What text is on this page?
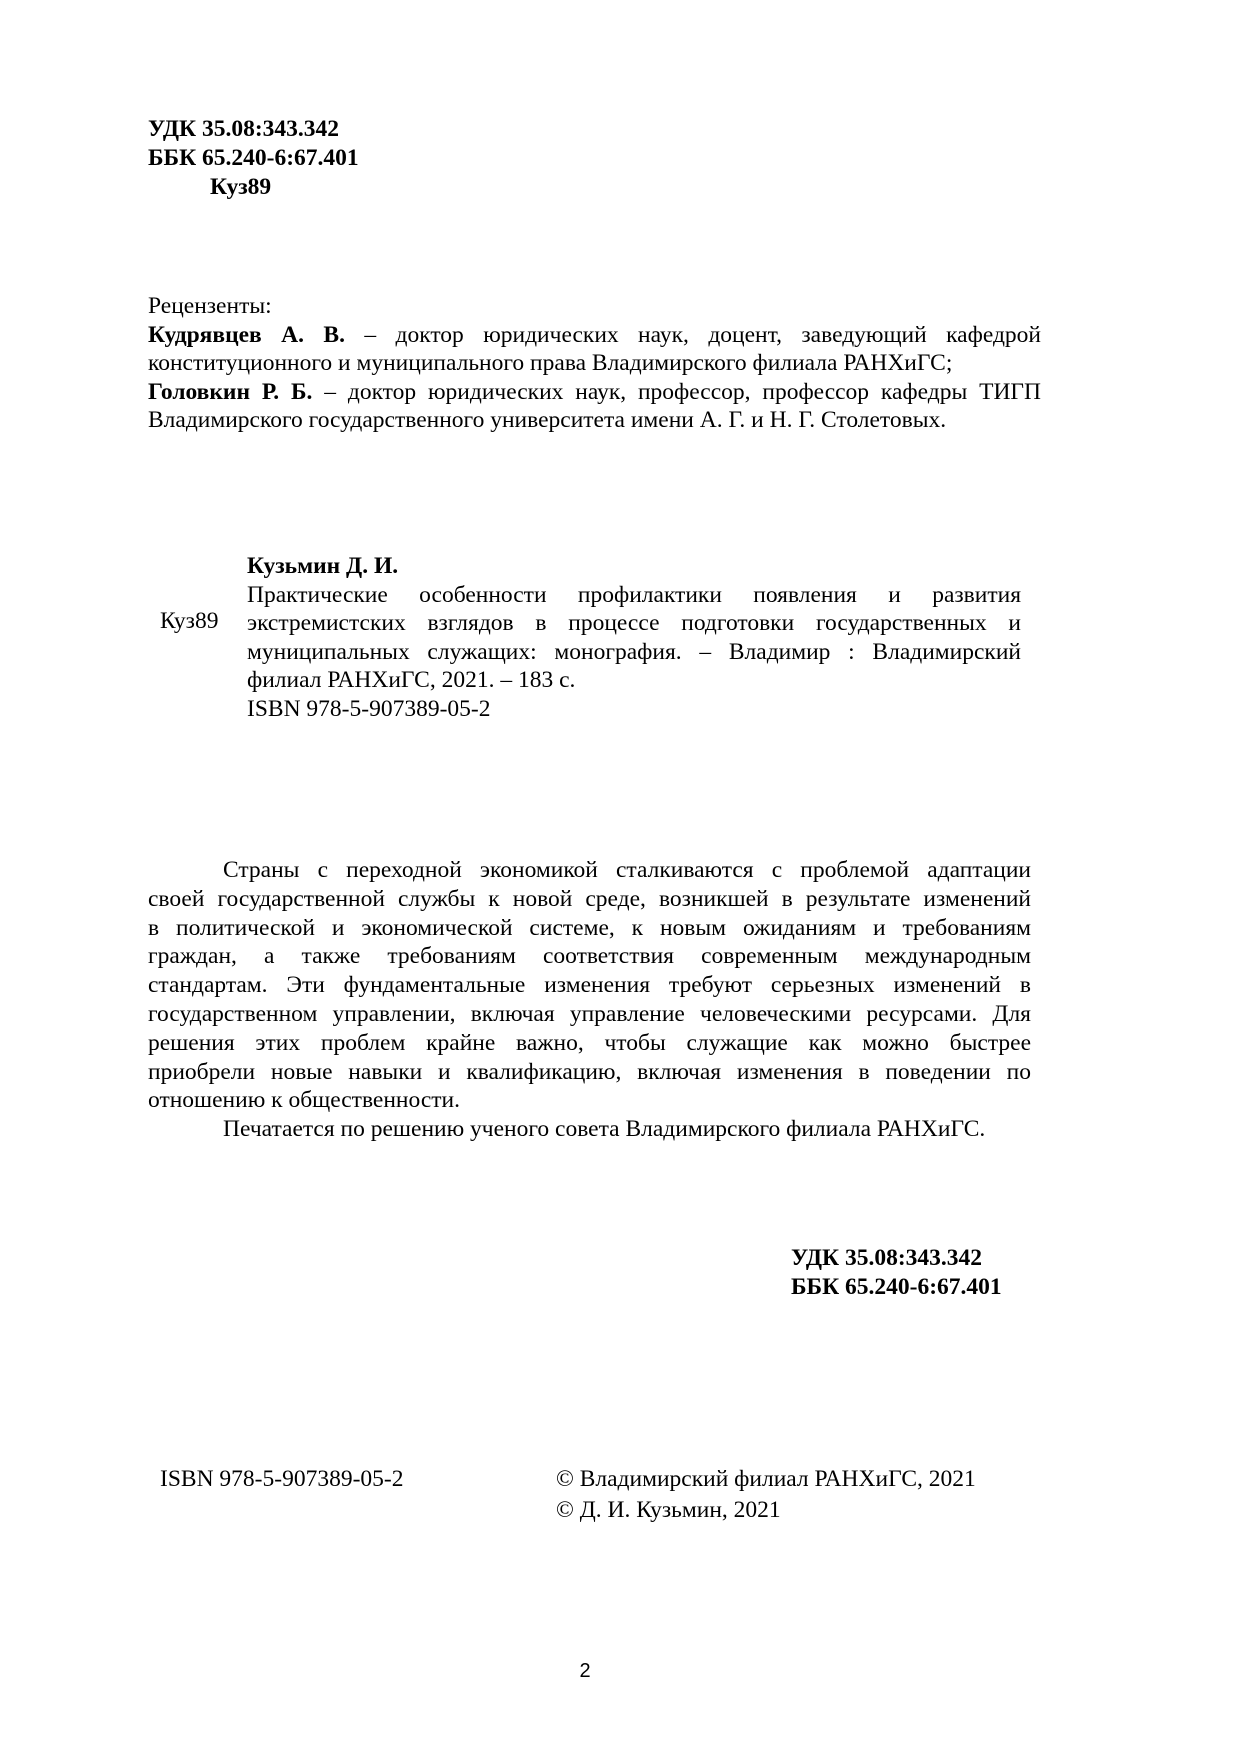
УДК 35.08:343.342
ББК 65.240-6:67.401
Куз89
Рецензенты:
Кудрявцев А. В. – доктор юридических наук, доцент, заведующий кафедрой
конституционного и муниципального права Владимирского филиала РАНХиГС;
Головкин Р. Б. – доктор юридических наук, профессор, профессор кафедры ТИГП
Владимирского государственного университета имени А. Г. и Н. Г. Столетовых.
Куз89
Кузьмин Д. И.
Практические особенности профилактики появления и развития
экстремистских взглядов в процессе подготовки государственных и
муниципальных служащих: монография. – Владимир : Владимирский
филиал РАНХиГС, 2021. – 183 с.
ISBN 978-5-907389-05-2
Страны с переходной экономикой сталкиваются с проблемой адаптации
своей государственной службы к новой среде, возникшей в результате изменений
в политической и экономической системе, к новым ожиданиям и требованиям
граждан, а также требованиям соответствия современным международным
стандартам. Эти фундаментальные изменения требуют серьезных изменений в
государственном управлении, включая управление человеческими ресурсами. Для
решения этих проблем крайне важно, чтобы служащие как можно быстрее
приобрели новые навыки и квалификацию, включая изменения в поведении по
отношению к общественности.
Печатается по решению ученого совета Владимирского филиала РАНХиГС.
УДК 35.08:343.342
ББК 65.240-6:67.401
ISBN 978-5-907389-05-2	© Владимирский филиал РАНХиГС, 2021
© Д. И. Кузьмин, 2021
2
